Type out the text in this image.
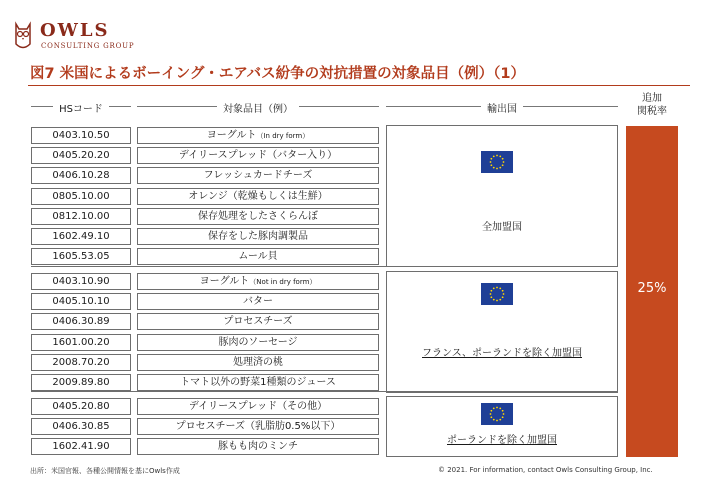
OWLS
CONSULTING GROUP
図7 米国によるボーイング・エアバス紛争の対抗措置の対象品目（例）（1）
HSコード	対象品目（例）	輸出国
追加
関税率
0403.10.50	ヨーグルト（In dry form）
0405.20.20	デイリースプレッド（バター入り）
0406.10.28	フレッシュカードチーズ
0805.10.00	オレンジ（乾燥もしくは生鮮）
0812.10.00	保存処理をしたさくらんぼ
1602.49.10	保存をした豚肉調製品
1605.53.05	ムール貝
全加盟国
0403.10.90	ヨーグルト（Not in dry form）
0405.10.10	バター
0406.30.89	プロセスチーズ
1601.00.20	豚肉のソーセージ
2008.70.20	処理済の桃
2009.89.80	トマト以外の野菜1種類のジュース
フランス、ポーランドを除く加盟国
0405.20.80	デイリースプレッド（その他）
0406.30.85	プロセスチーズ（乳脂肪0.5%以下）
1602.41.90	豚もも肉のミンチ
ポーランドを除く加盟国
25%
出所：米国官報、各種公開情報を基にOwls作成	© 2021. For information, contact Owls Consulting Group, Inc.
